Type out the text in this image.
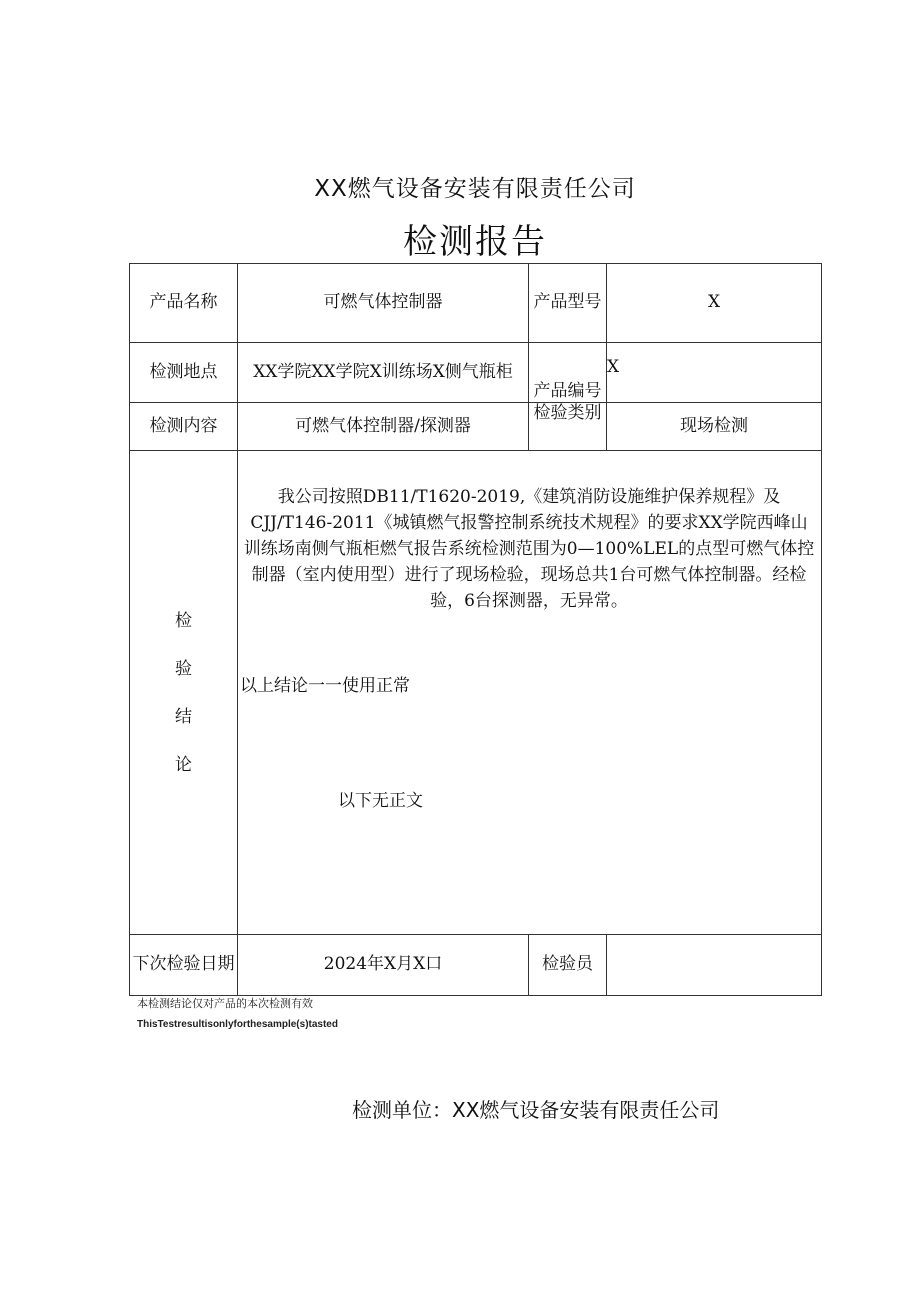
XX燃气设备安装有限责任公司
检测报告
产品名称	可燃气体控制器	产品型号	X
检测地点	XX学院XX学院X训练场X侧气瓶柜	产品编号	X
检测内容	可燃气体控制器/探测器	检验类别	现场检测
检验结论	我公司按照DB11/T1620-2019,《建筑消防设施维护保养规程》及CJJ/T146-2011《城镇燃气报警控制系统技术规程》的要求XX学院西峰山训练场南侧气瓶柜燃气报告系统检测范围为0—100%LEL的点型可燃气体控制器（室内使用型）进行了现场检验，现场总共1台可燃气体控制器。经检验，6台探测器，无异常。
以上结论一一使用正常
以下无正文		

下次检验日期	2024年X月X口	检验员	
本检测结论仅对产品的本次检测有效
ThisTestresultisonlyforthesample(s)tasted
检测单位：XX燃气设备安装有限责任公司
